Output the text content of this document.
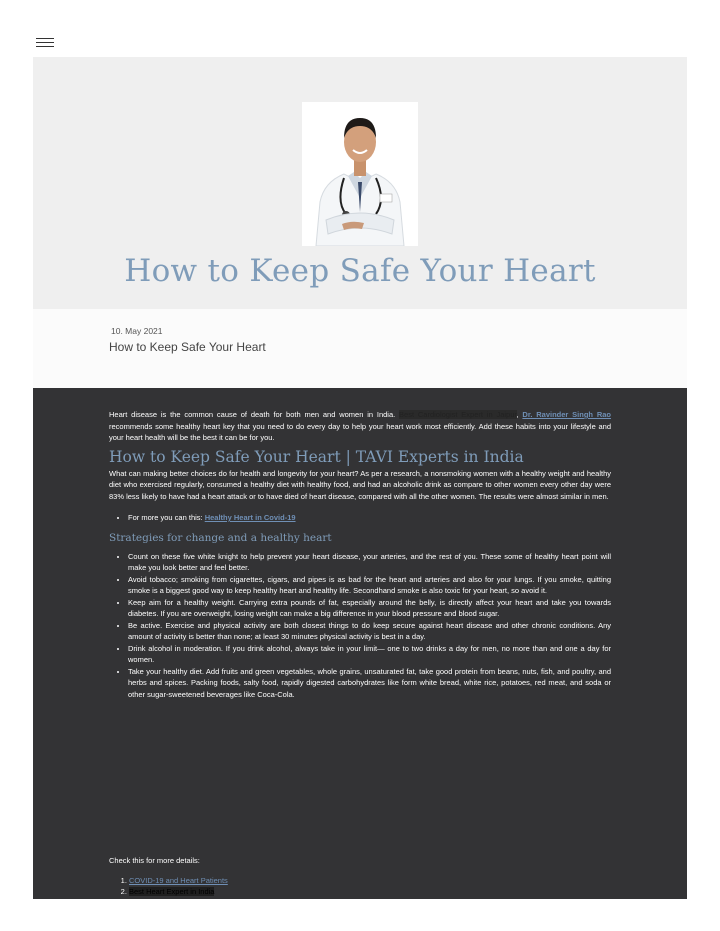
How to Keep Safe Your Heart
10. May 2021
How to Keep Safe Your Heart

Heart disease is the common cause of death for both men and women in India. Best Cardiologist Expert in Jaipur, Dr. Ravinder Singh Rao recommends some healthy heart key that you need to do every day to help your heart work most efficiently. Add these habits into your lifestyle and your heart health will be the best it can be for you.

How to Keep Safe Your Heart | TAVI Experts in India

What can making better choices do for health and longevity for your heart? As per a research, a nonsmoking women with a healthy weight and healthy diet who exercised regularly, consumed a healthy diet with healthy food, and had an alcoholic drink as compare to other women every other day were 83% less likely to have had a heart attack or to have died of heart disease, compared with all the other women. The results were almost similar in men.

• For more you can this: Healthy Heart in Covid-19
Strategies for change and a healthy heart
• Count on these five white knight to help prevent your heart disease, your arteries, and the rest of you. These some of healthy heart point will make you look better and feel better.
• Avoid tobacco; smoking from cigarettes, cigars, and pipes is as bad for the heart and arteries and also for your lungs. If you smoke, quitting smoke is a biggest good way to keep healthy heart and healthy life. Secondhand smoke is also toxic for your heart, so avoid it.
• Keep aim for a healthy weight. Carrying extra pounds of fat, especially around the belly, is directly affect your heart and take you towards diabetes. If you are overweight, losing weight can make a big difference in your blood pressure and blood sugar.
• Be active. Exercise and physical activity are both closest things to do keep secure against heart disease and other chronic conditions. Any amount of activity is better than none; at least 30 minutes physical activity is best in a day.
• Drink alcohol in moderation. If you drink alcohol, always take in your limit— one to two drinks a day for men, no more than and one a day for women.
• Take your healthy diet. Add fruits and green vegetables, whole grains, unsaturated fat, take good protein from beans, nuts, fish, and poultry, and herbs and spices. Packing foods, salty food, rapidly digested carbohydrates like form white bread, white rice, potatoes, red meat, and soda or other sugar-sweetened beverages like Coca-Cola.
Check this for more details:
1. COVID-19 and Heart Patients
2. Best Heart Expert in India
